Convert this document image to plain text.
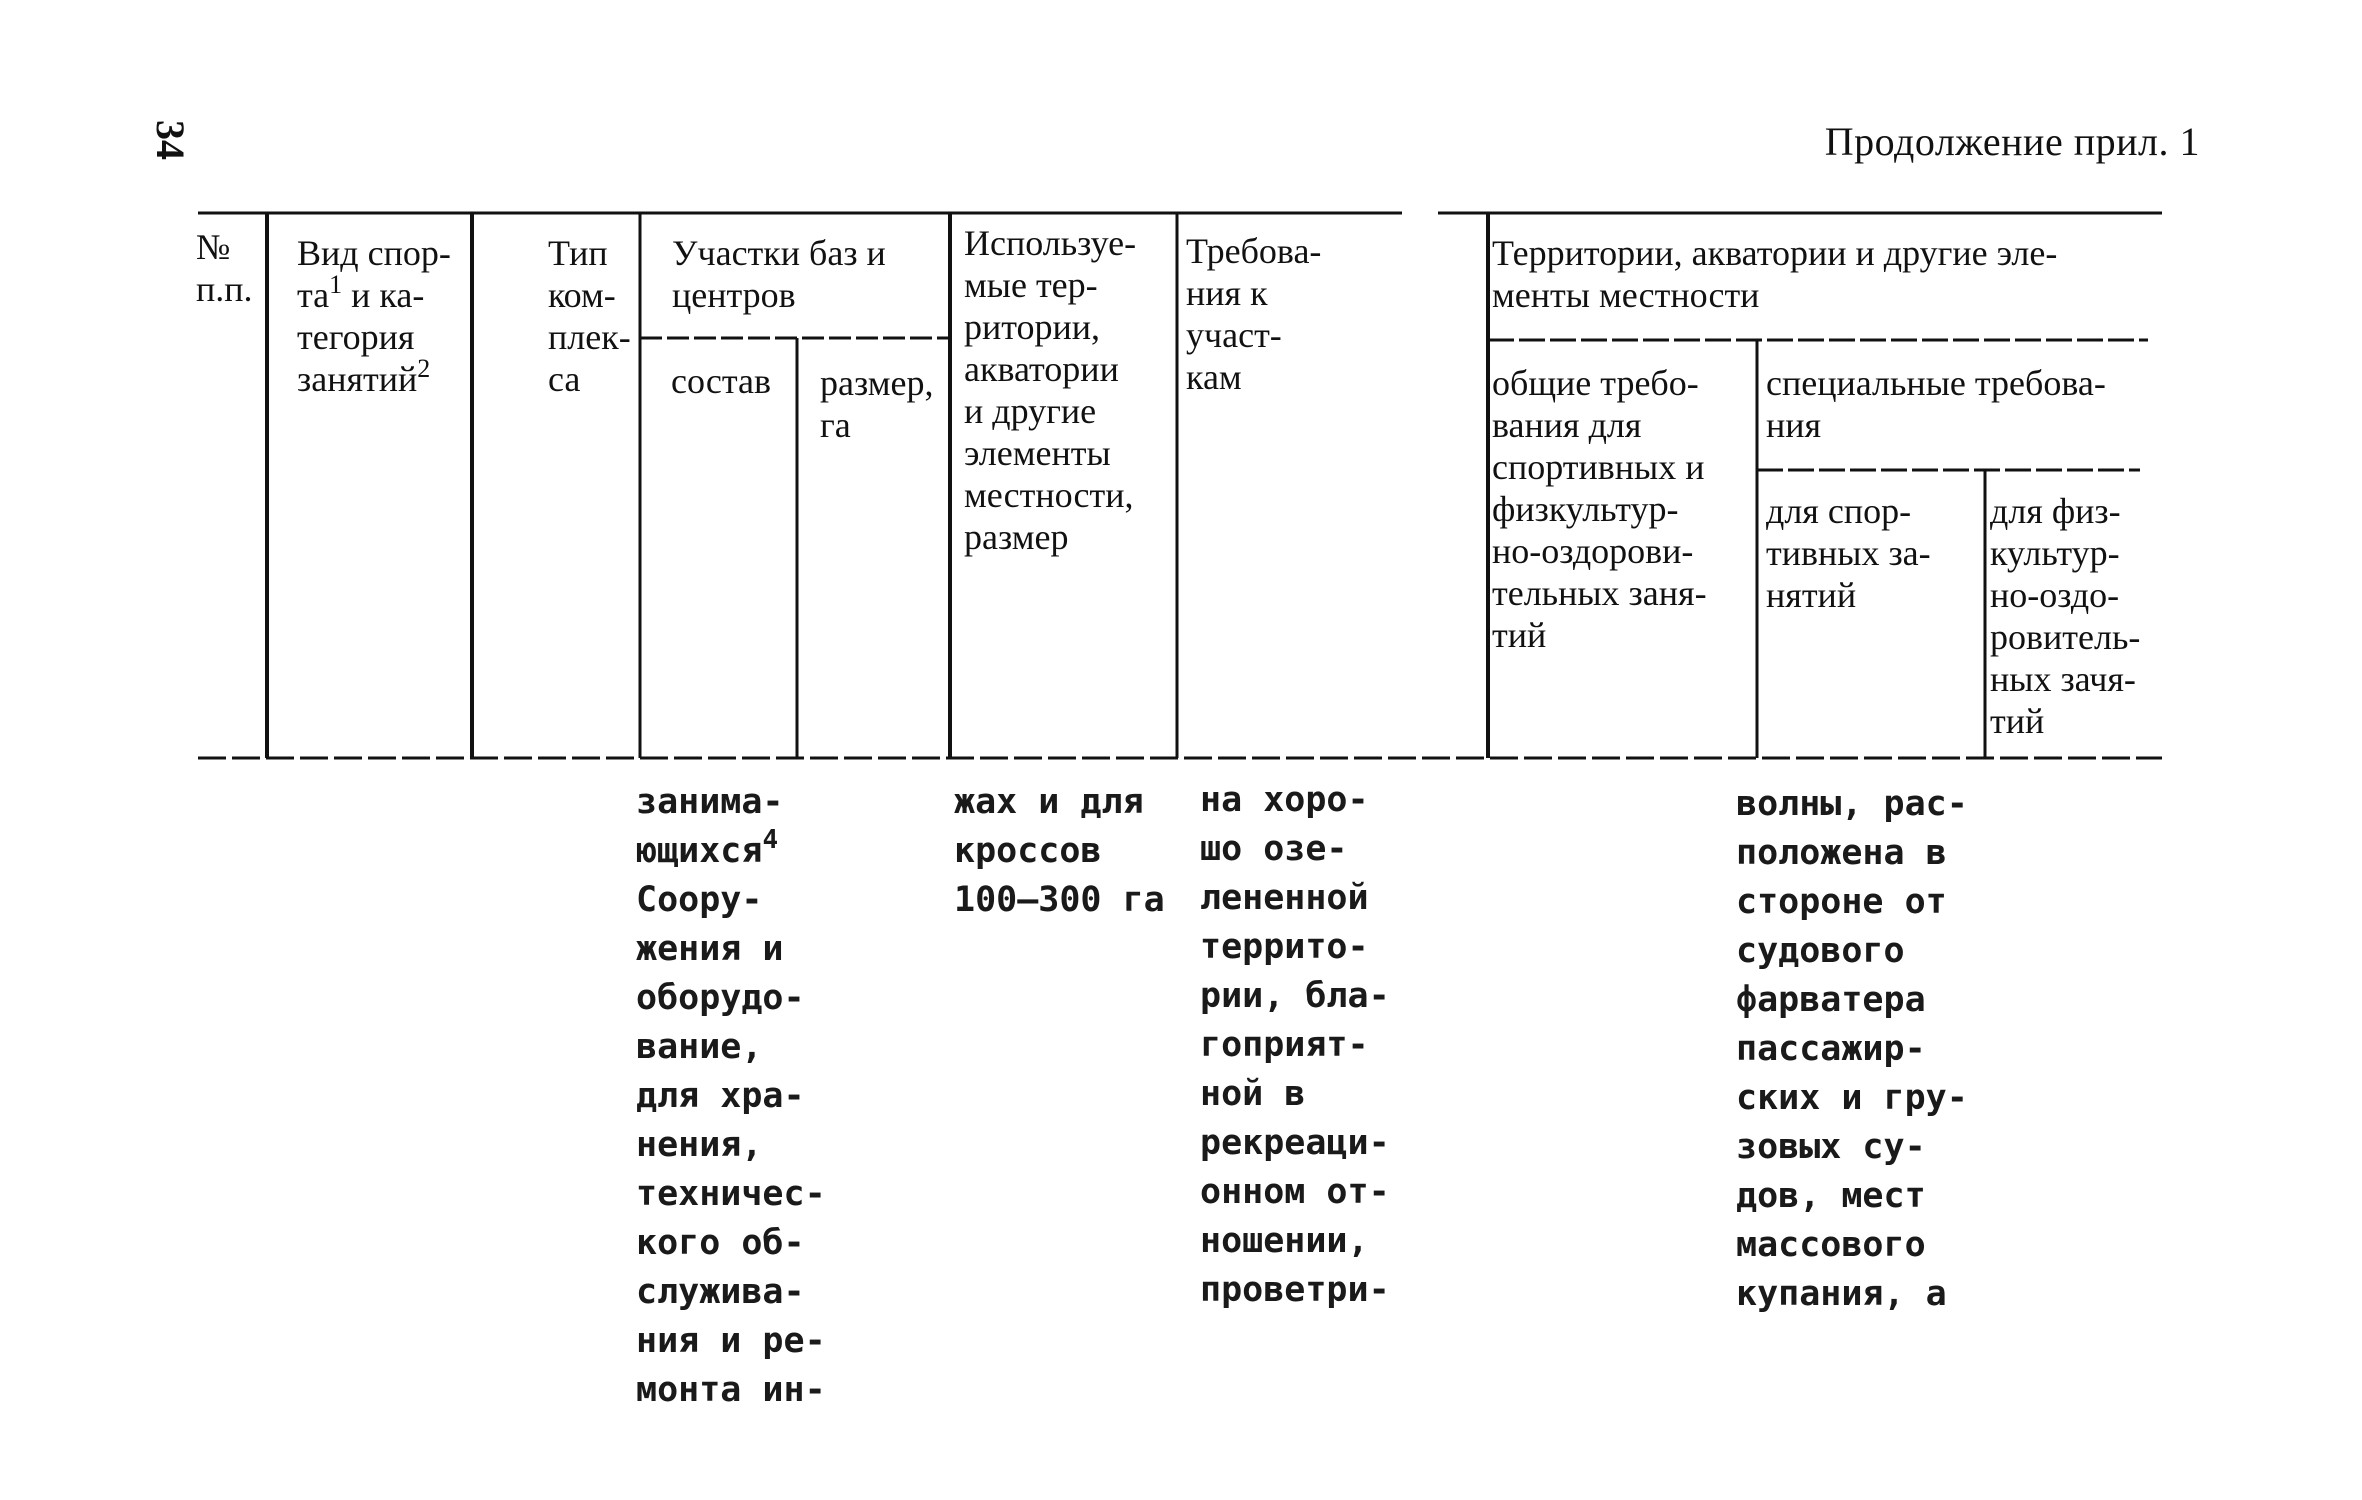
34	Продолжение прил. 1
№
п.п.
Вид спор-
$та^1$ и ка-
тегория
занятий$^2$
Тип
ком-
плек-
са
Участки баз и
центров
состав размер,
га
Используе-
мые тер-
ритории,
акватории
и другие
элементы
местности,
размер
Требова-
ния к
участ-
кам
Территории, акватории и другие эле-
менты местности
общие требо-
вания для
спортивных и
физкультур-
но-оздорови-
тельных заня-
тий
специальные требова-
ния
для спор-
тивных за-
нятий
для физ-
культур-
но-оздо-
ровитель-
ных зачя-
тий
занима-
ющихся$^4$
Соору-
жения и
оборудо-
вание,
для хра-
нения,
техничес-
кого об-
служива-
ния и ре-
монта ин-
жах и для
кроссов
100–300 га
на хоро-
шо озе-
лененной
террито-
рии, бла-
гоприят-
ной в
рекреаци-
онном от-
ношении,
проветри-
волны, рас-
положена в
стороне от
судового
фарватера
пассажир-
ских и гру-
зовых су-
дов, мест
массового
купания, а
